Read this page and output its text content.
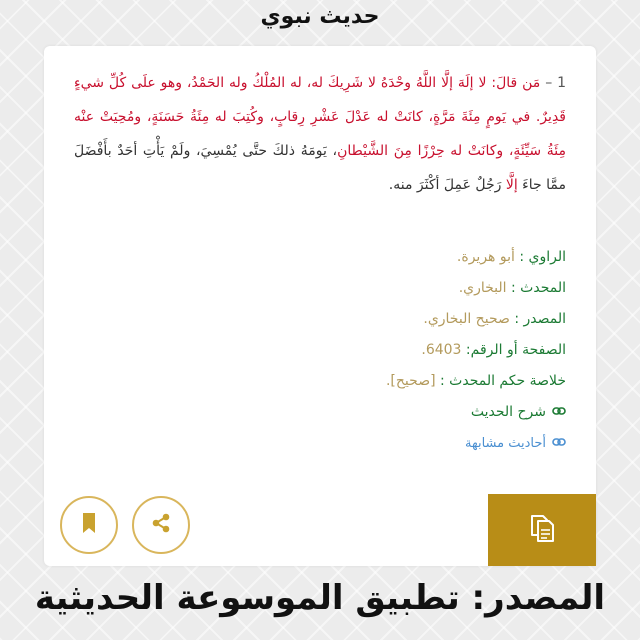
حديث نبوي
1 – مَن قالَ: لا إلَهَ إلَّا اللَّهُ وحْدَهُ لا شَرِيكَ له، له المُلْكُ وله الحَمْدُ، وهو علَى كُلِّ شيءٍ قَدِيرٌ. في يَومٍ مِئَةَ مَرَّةٍ، كانَتْ له عَدْلَ عَشْرِ رِقابٍ، وكُتِبَ له مِئَةُ حَسَنَةٍ، ومُحِيَتْ عنْه مِئَةُ سَيِّئَةٍ، وكانَتْ له حِرْزًا مِنَ الشَّيْطانِ، يَومَهُ ذلكَ حتَّى يُمْسِيَ، ولَمْ يَأْتِ أحَدٌ بأَفْضَلَ ممَّا جاءَ إلَّا رَجُلٌ عَمِلَ أكْثَرَ منه.
الراوي : أبو هريرة.
المحدث : البخاري.
المصدر : صحيح البخاري.
الصفحة أو الرقم: 6403.
خلاصة حكم المحدث : [صحيح].
شرح الحديث
أحاديث مشابهة
المصدر: تطبيق الموسوعة الحديثية
